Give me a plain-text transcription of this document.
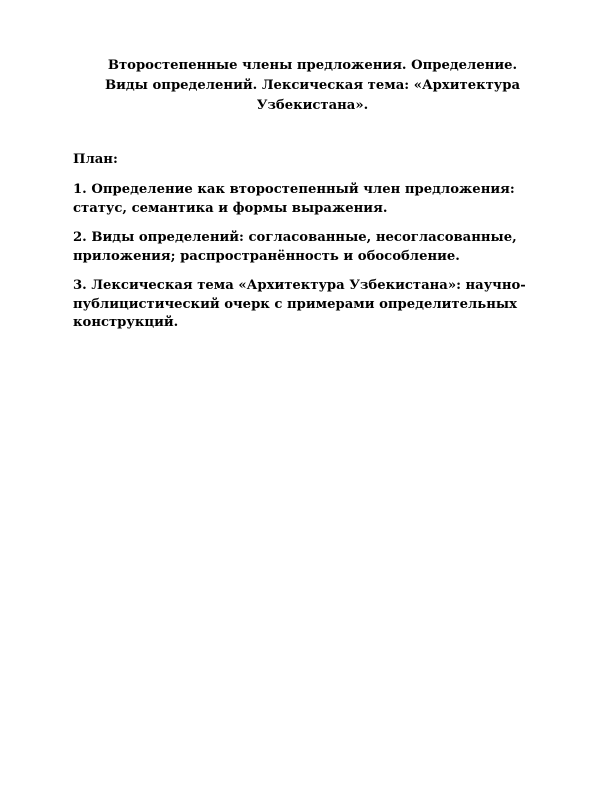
Второстепенные члены предложения. Определение.
Виды определений. Лексическая тема: «Архитектура
Узбекистана».

План:

1. Определение как второстепенный член предложения:
статус, семантика и формы выражения.
2. Виды определений: согласованные, несогласованные,
приложения; распространённость и обособление.
3. Лексическая тема «Архитектура Узбекистана»: научно-
публицистический очерк с примерами определительных
конструкций.
